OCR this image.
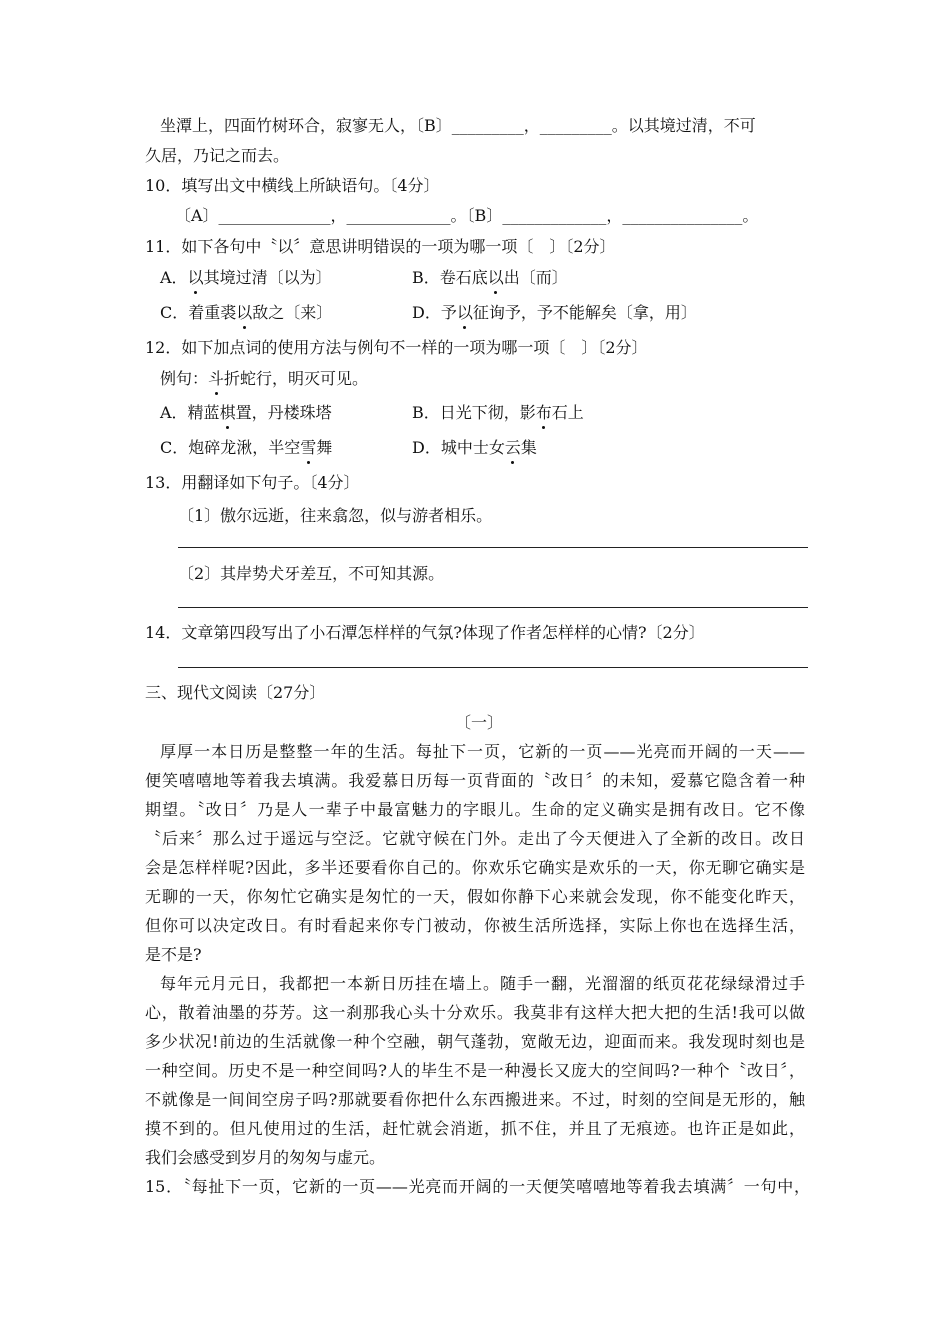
坐潭上，四面竹树环合，寂寥无人，〔B〕_________，_________。以其境过清，不可
久居，乃记之而去。
10．填写出文中横线上所缺语句。〔4分〕
〔A〕______________，_____________。〔B〕_____________，_______________。
11．如下各句中〝以〞意思讲明错误的一项为哪一项〔　〕〔2分〕
A．以其境过清〔以为〕	B．卷石底以出〔而〕
C．着重裘以敌之〔来〕	D．予以征询予，予不能解矣〔拿，用〕
12．如下加点词的使用方法与例句不一样的一项为哪一项〔　〕〔2分〕
例句：斗折蛇行，明灭可见。
A．精蓝棋置，丹楼珠塔	B．日光下彻，影布石上
C．炮碎龙湫，半空雪舞	D．城中士女云集
13．用翻译如下句子。〔4分〕
〔1〕傲尔远逝，往来翕忽，似与游者相乐。
〔2〕其岸势犬牙差互，不可知其源。
14．文章第四段写出了小石潭怎样样的气氛?体现了作者怎样样的心情?〔2分〕
三、现代文阅读〔27分〕
〔一〕
厚厚一本日历是整整一年的生活。每扯下一页，它新的一页——光亮而开阔的一天——
便笑嘻嘻地等着我去填满。我爱慕日历每一页背面的〝改日〞的未知，爱慕它隐含着一种
期望。〝改日〞乃是人一辈子中最富魅力的字眼儿。生命的定义确实是拥有改日。它不像
〝后来〞那么过于遥远与空泛。它就守候在门外。走出了今天便进入了全新的改日。改日
会是怎样样呢?因此，多半还要看你自己的。你欢乐它确实是欢乐的一天，你无聊它确实是
无聊的一天，你匆忙它确实是匆忙的一天，假如你静下心来就会发现，你不能变化昨天，
但你可以决定改日。有时看起来你专门被动，你被生活所选择，实际上你也在选择生活，
是不是?
每年元月元日，我都把一本新日历挂在墙上。随手一翻，光溜溜的纸页花花绿绿滑过手
心，散着油墨的芬芳。这一刹那我心头十分欢乐。我莫非有这样大把大把的生活!我可以做
多少状况!前边的生活就像一种个空融，朝气蓬勃，宽敞无边，迎面而来。我发现时刻也是
一种空间。历史不是一种空间吗?人的毕生不是一种漫长又庞大的空间吗?一种个〝改日〞，
不就像是一间间空房子吗?那就要看你把什么东西搬进来。不过，时刻的空间是无形的，触
摸不到的。但凡使用过的生活，赶忙就会消逝，抓不住，并且了无痕迹。也许正是如此，
我们会感受到岁月的匆匆与虚元。
15．〝每扯下一页，它新的一页——光亮而开阔的一天便笑嘻嘻地等着我去填满〞一句中，
